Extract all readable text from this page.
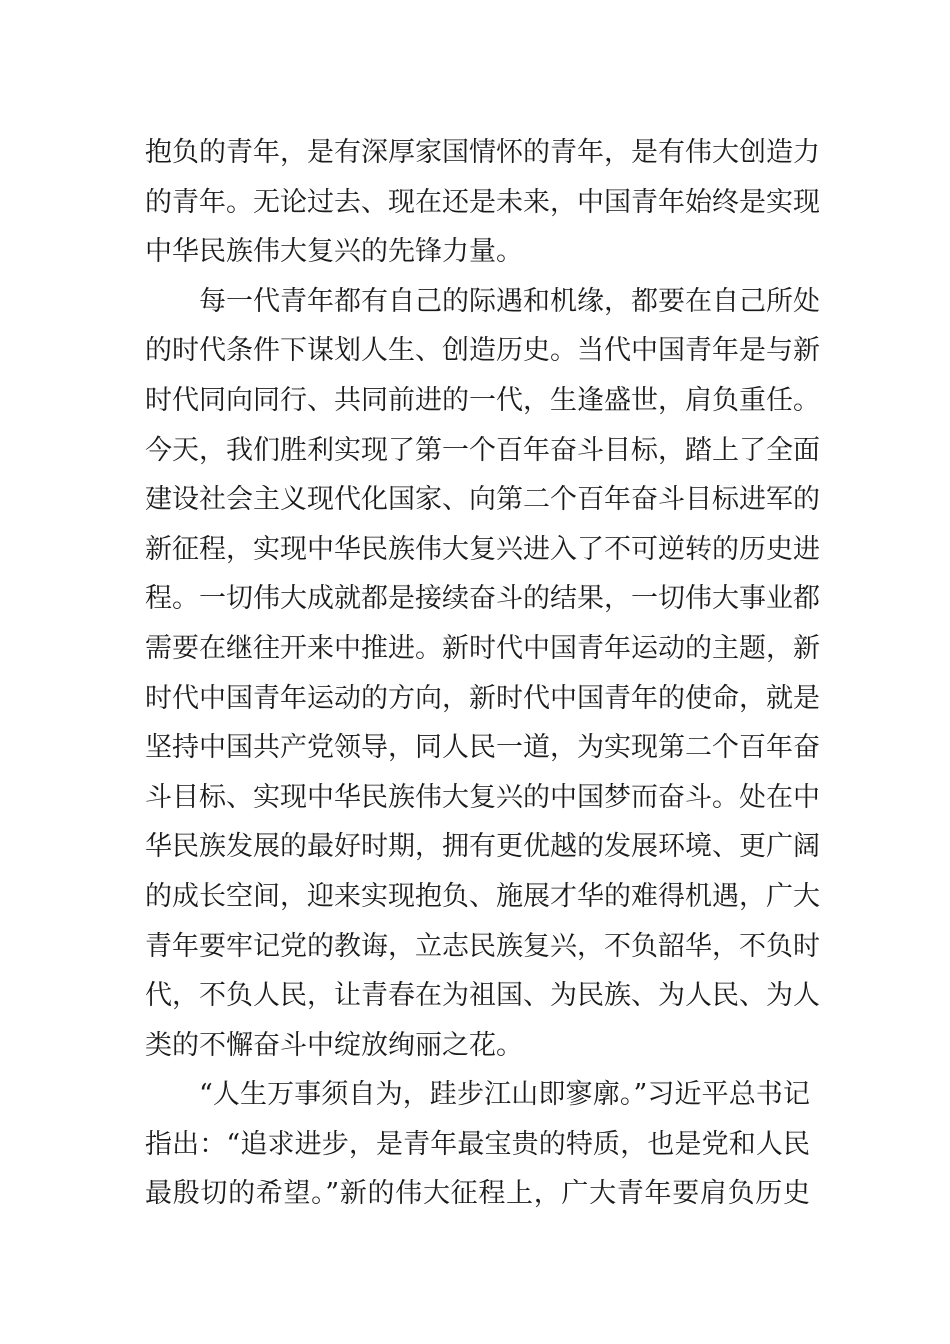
抱负的青年，是有深厚家国情怀的青年，是有伟大创造力
的青年。无论过去、现在还是未来，中国青年始终是实现
中华民族伟大复兴的先锋力量。
每一代青年都有自己的际遇和机缘，都要在自己所处
的时代条件下谋划人生、创造历史。当代中国青年是与新
时代同向同行、共同前进的一代，生逢盛世，肩负重任。
今天，我们胜利实现了第一个百年奋斗目标，踏上了全面
建设社会主义现代化国家、向第二个百年奋斗目标进军的
新征程，实现中华民族伟大复兴进入了不可逆转的历史进
程。一切伟大成就都是接续奋斗的结果，一切伟大事业都
需要在继往开来中推进。新时代中国青年运动的主题，新
时代中国青年运动的方向，新时代中国青年的使命，就是
坚持中国共产党领导，同人民一道，为实现第二个百年奋
斗目标、实现中华民族伟大复兴的中国梦而奋斗。处在中
华民族发展的最好时期，拥有更优越的发展环境、更广阔
的成长空间，迎来实现抱负、施展才华的难得机遇，广大
青年要牢记党的教诲，立志民族复兴，不负韶华，不负时
代，不负人民，让青春在为祖国、为民族、为人民、为人
类的不懈奋斗中绽放绚丽之花。
“人生万事须自为，跬步江山即寥廓。”习近平总书记
指出：“追求进步，是青年最宝贵的特质，也是党和人民
最殷切的希望。”新的伟大征程上，广大青年要肩负历史
